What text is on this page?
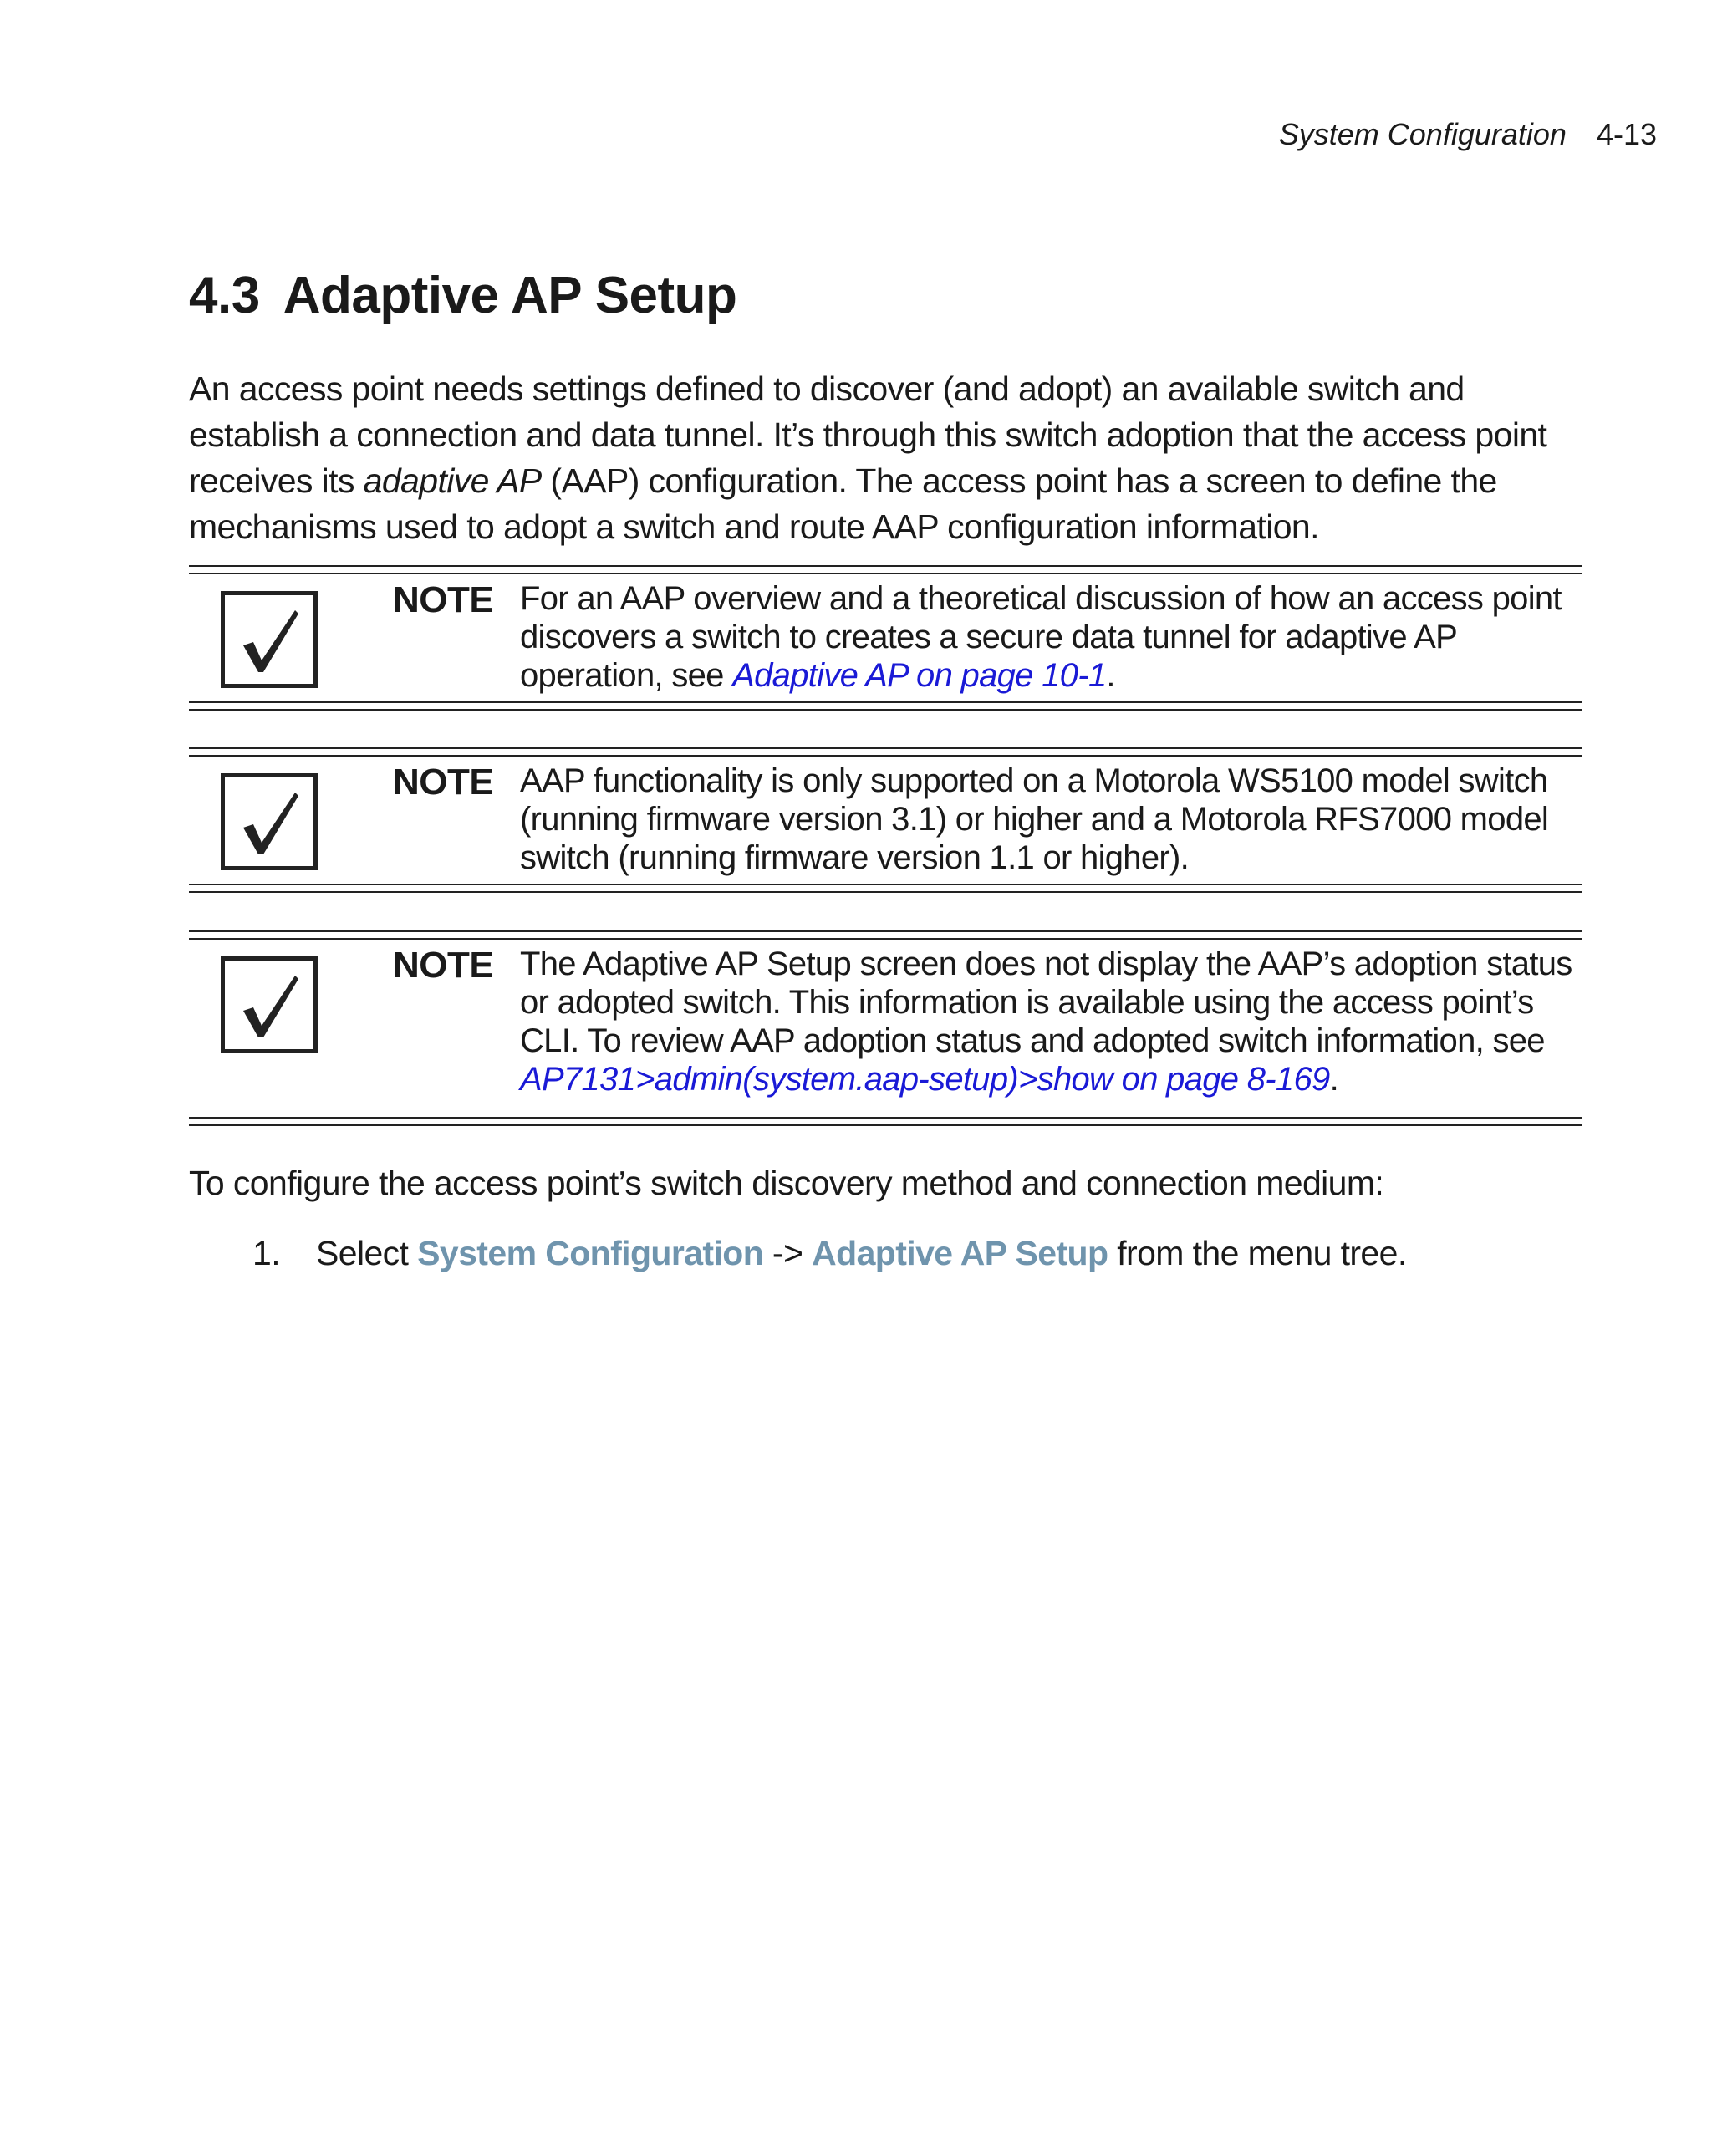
System Configuration 4-13
4.3 Adaptive AP Setup

An access point needs settings defined to discover (and adopt) an available switch and establish a connection and data tunnel. It’s through this switch adoption that the access point receives its adaptive AP (AAP) configuration. The access point has a screen to define the mechanisms used to adopt a switch and route AAP configuration information.

NOTE For an AAP overview and a theoretical discussion of how an access point discovers a switch to creates a secure data tunnel for adaptive AP operation, see Adaptive AP on page 10-1.
NOTE AAP functionality is only supported on a Motorola WS5100 model switch (running firmware version 3.1) or higher and a Motorola RFS7000 model switch (running firmware version 1.1 or higher).
NOTE The Adaptive AP Setup screen does not display the AAP’s adoption status or adopted switch. This information is available using the access point’s CLI. To review AAP adoption status and adopted switch information, see AP7131>admin(system.aap-setup)>show on page 8-169.

To configure the access point’s switch discovery method and connection medium:

1. Select System Configuration -> Adaptive AP Setup from the menu tree.
